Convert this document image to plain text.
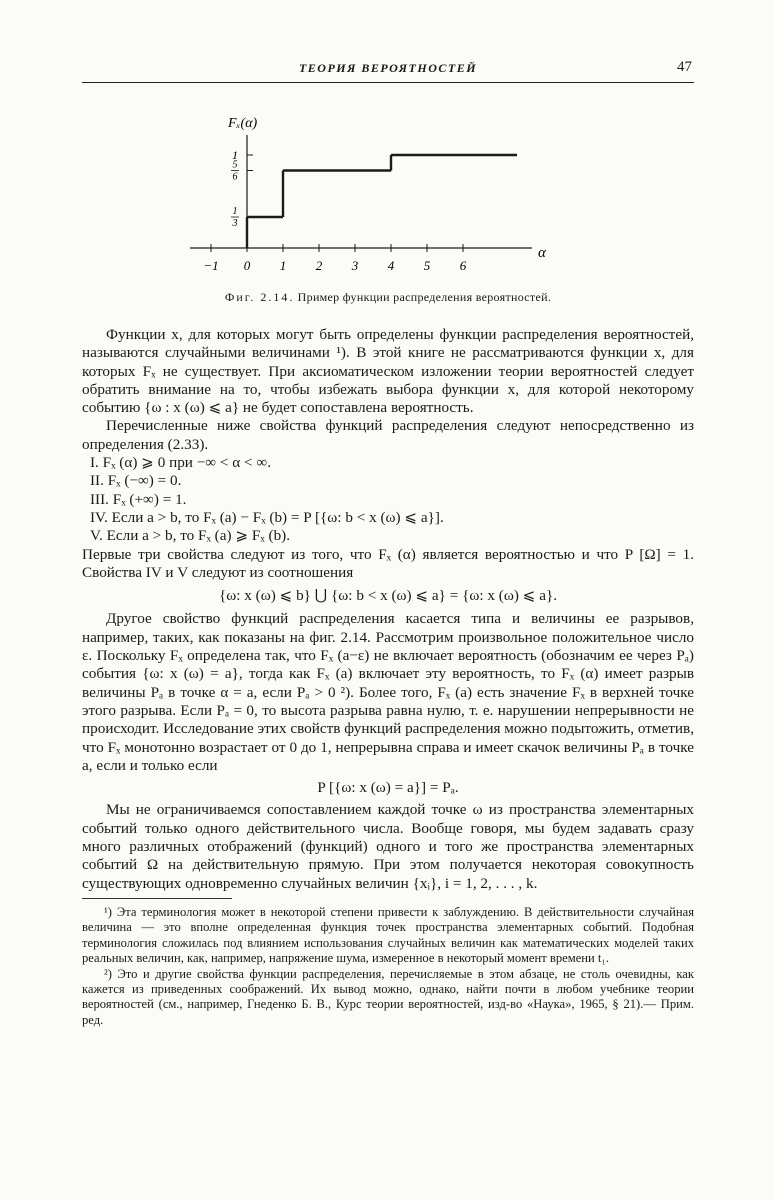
ТЕОРИЯ ВЕРОЯТНОСТЕЙ	47
Fₓ(α)
α
−1 0 1 2 3 4 5 6
1
3
5
6
1
Фиг. 2.14. Пример функции распределения вероятностей.

Функции x, для которых могут быть определены функции распределения вероятностей, называются случайными величинами ¹). В этой книге не рассматриваются функции x, для которых Fₓ не существует. При аксиоматическом изложении теории вероятностей следует обратить внимание на то, чтобы избежать выбора функции x, для которой некоторому событию {ω : x (ω) ⩽ a} не будет сопоставлена вероятность.

Перечисленные ниже свойства функций распределения следуют непосредственно из определения (2.33).

I. Fₓ (α) ⩾ 0 при −∞ < α < ∞.

II. Fₓ (−∞) = 0.

III. Fₓ (+∞) = 1.

IV. Если a > b, то Fₓ (a) − Fₓ (b) = P [{ω: b < x (ω) ⩽ a}].

V. Если a > b, то Fₓ (a) ⩾ Fₓ (b).

Первые три свойства следуют из того, что Fₓ (α) является вероятностью и что P [Ω] = 1. Свойства IV и V следуют из соотношения

{ω: x (ω) ⩽ b} ⋃ {ω: b < x (ω) ⩽ a} = {ω: x (ω) ⩽ a}.

Другое свойство функций распределения касается типа и величины ее разрывов, например, таких, как показаны на фиг. 2.14. Рассмотрим произвольное положительное число ε. Поскольку Fₓ определена так, что Fₓ (a−ε) не включает вероятность (обозначим ее через Pₐ) события {ω: x (ω) = a}, тогда как Fₓ (a) включает эту вероятность, то Fₓ (α) имеет разрыв величины Pₐ в точке α = a, если Pₐ > 0 ²). Более того, Fₓ (a) есть значение Fₓ в верхней точке этого разрыва. Если Pₐ = 0, то высота разрыва равна нулю, т. е. нарушении непрерывности не происходит. Исследование этих свойств функций распределения можно подытожить, отметив, что Fₓ монотонно возрастает от 0 до 1, непрерывна справа и имеет скачок величины Pₐ в точке a, если и только если

P [{ω: x (ω) = a}] = Pₐ.

Мы не ограничиваемся сопоставлением каждой точке ω из пространства элементарных событий только одного действительного числа. Вообще говоря, мы будем задавать сразу много различных отображений (функций) одного и того же пространства элементарных событий Ω на действительную прямую. При этом получается некоторая совокупность существующих одновременно случайных величин {xᵢ}, i = 1, 2, . . . , k.

¹) Эта терминология может в некоторой степени привести к заблуждению. В действительности случайная величина — это вполне определенная функция точек пространства элементарных событий. Подобная терминология сложилась под влиянием использования случайных величин как математических моделей таких реальных величин, как, например, напряжение шума, измеренное в некоторый момент времени t₁.

²) Это и другие свойства функции распределения, перечисляемые в этом абзаце, не столь очевидны, как кажется из приведенных соображений. Их вывод можно, однако, найти почти в любом учебнике теории вероятностей (см., например, Гнеденко Б. В., Курс теории вероятностей, изд-во «Наука», 1965, § 21).— Прим. ред.
